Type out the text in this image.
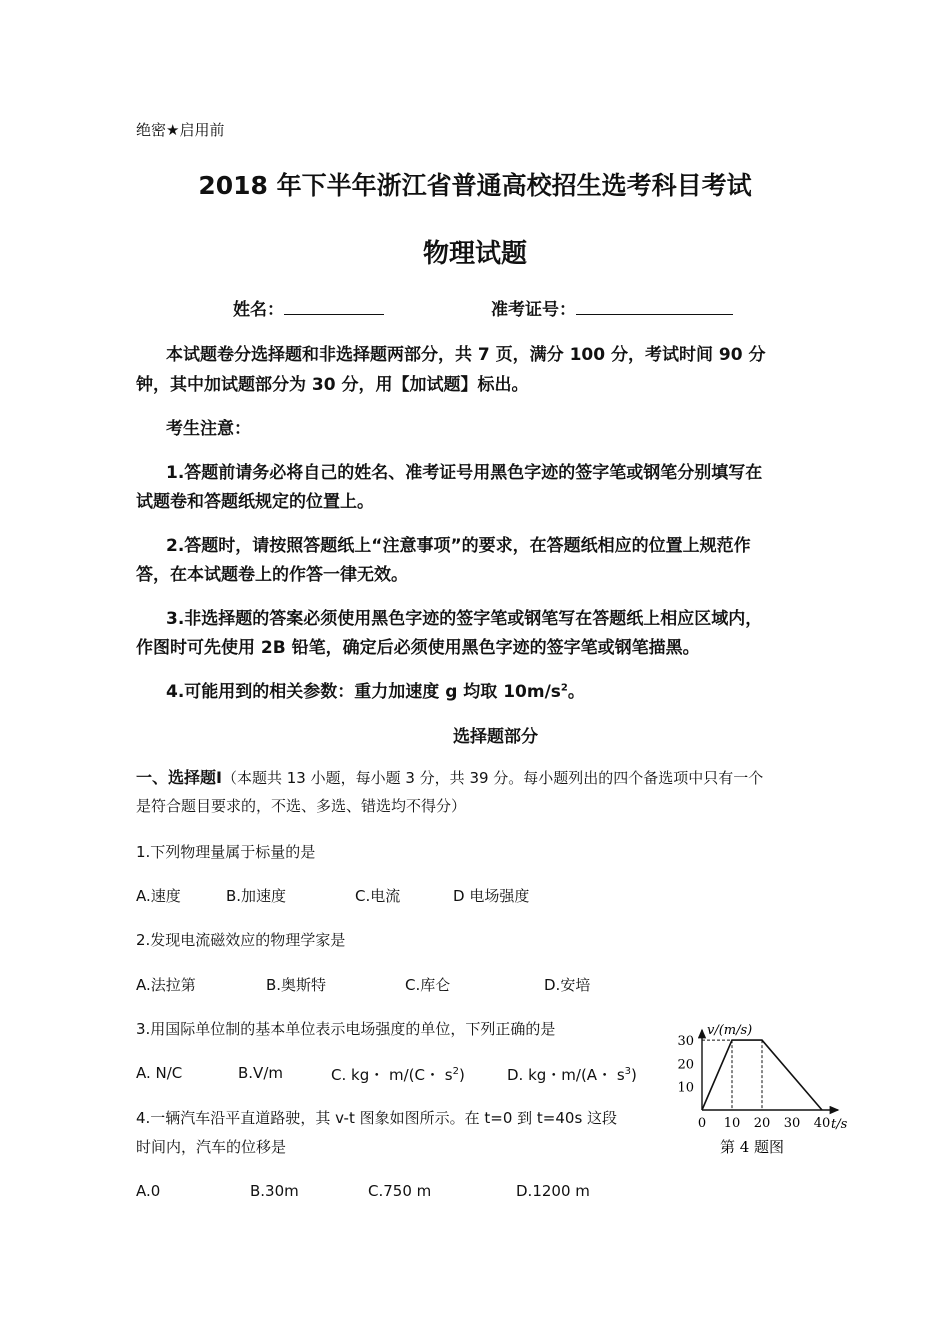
绝密★启用前
2018 年下半年浙江省普通高校招生选考科目考试
物理试题
姓名：	准考证号：
本试题卷分选择题和非选择题两部分，共 7 页，满分 100 分，考试时间 90 分
钟，其中加试题部分为 30 分，用【加试题】标出。
考生注意：
1.答题前请务必将自己的姓名、准考证号用黑色字迹的签字笔或钢笔分别填写在
试题卷和答题纸规定的位置上。
2.答题时，请按照答题纸上“注意事项”的要求，在答题纸相应的位置上规范作
答，在本试题卷上的作答一律无效。
3.非选择题的答案必须使用黑色字迹的签字笔或钢笔写在答题纸上相应区域内，
作图时可先使用 2B 铅笔，确定后必须使用黑色字迹的签字笔或钢笔描黑。
4.可能用到的相关参数：重力加速度 g 均取 $10m/s^2$。
选择题部分
一、选择题Ⅰ（本题共 13 小题，每小题 3 分，共 39 分。每小题列出的四个备选项中只有一个
是符合题目要求的，不选、多选、错选均不得分）
1.下列物理量属于标量的是
A.速度	B.加速度	C.电流	D 电场强度
2.发现电流磁效应的物理学家是
A.法拉第	B.奥斯特	C.库仑	D.安培
3.用国际单位制的基本单位表示电场强度的单位，下列正确的是
A. N/C	B.V/m	C. kg・ m/(C・ $s^2$)	D. kg・m/(A・ $s^3$)
4.一辆汽车沿平直道路驶，其 v-t 图象如图所示。在 t=0 到 t=40s 这段
时间内，汽车的位移是
A.0	B.30m	C.750 m	D.1200 m
10
20
30
0 10 20 30 40
v/(m/s)
t/s
第 4 题图
